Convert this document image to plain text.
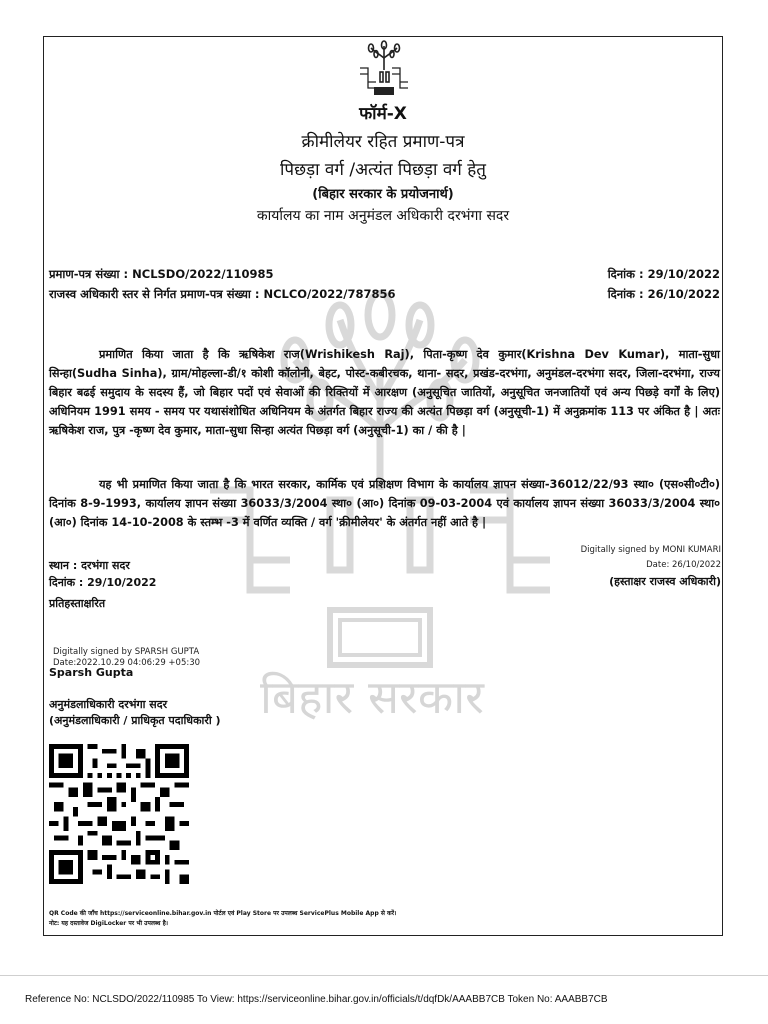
बिहार सरकार
फॉर्म-X
क्रीमीलेयर रहित प्रमाण-पत्र
पिछड़ा वर्ग /अत्यंत पिछड़ा वर्ग हेतु
(बिहार सरकार के प्रयोजनार्थ)
कार्यालय का नाम अनुमंडल अधिकारी दरभंगा सदर
प्रमाण-पत्र संख्या : NCLSDO/2022/110985	दिनांक : 29/10/2022
राजस्व अधिकारी स्तर से निर्गत प्रमाण-पत्र संख्या : NCLCO/2022/787856	दिनांक : 26/10/2022
प्रमाणित किया जाता है कि ऋषिकेश राज(Wrishikesh Raj), पिता-कृष्ण देव कुमार(Krishna Dev Kumar), माता-सुधा सिन्हा(Sudha Sinha), ग्राम/मोहल्ला-डी/१ कोशी कॉलोनी, बेहट, पोस्ट-कबीरचक, थाना- सदर, प्रखंड-दरभंगा, अनुमंडल-दरभंगा सदर, जिला-दरभंगा, राज्य बिहार बढई समुदाय के सदस्य हैं, जो बिहार पदों एवं सेवाओं की रिक्तियों में आरक्षण (अनुसूचित जातियों, अनुसूचित जनजातियों एवं अन्य पिछड़े वर्गों के लिए) अधिनियम 1991 समय - समय पर यथासंशोधित अधिनियम के अंतर्गत बिहार राज्य की अत्यंत पिछड़ा वर्ग (अनुसूची-1) में अनुक्रमांक 113 पर अंकित है | अतः ऋषिकेश राज, पुत्र -कृष्ण देव कुमार, माता-सुधा सिन्हा अत्यंत पिछड़ा वर्ग (अनुसूची-1) का / की है |
यह भी प्रमाणित किया जाता है कि भारत सरकार, कार्मिक एवं प्रशिक्षण विभाग के कार्यालय ज्ञापन संख्या-36012/22/93 स्था० (एस०सी०टी०) दिनांक 8-9-1993, कार्यालय ज्ञापन संख्या 36033/3/2004 स्था० (आ०) दिनांक 09-03-2004 एवं कार्यालय ज्ञापन संख्या 36033/3/2004 स्था० (आ०) दिनांक 14-10-2008 के स्तम्भ -3 में वर्णित व्यक्ति / वर्ग 'क्रीमीलेयर' के अंतर्गत नहीं आते है |
Digitally signed by MONI KUMARI
Date: 26/10/2022
(हस्ताक्षर राजस्व अधिकारी)
स्थान : दरभंगा सदर
दिनांक : 29/10/2022
प्रतिहस्ताक्षरित
Digitally signed by SPARSH GUPTA
Date:2022.10.29 04:06:29 +05:30
Sparsh Gupta
अनुमंडलाधिकारी दरभंगा सदर
(अनुमंडलाधिकारी / प्राधिकृत पदाधिकारी )
QR Code की जाँच https://serviceonline.bihar.gov.in पोर्टल एवं Play Store पर उपलब्ध ServicePlus Mobile App से करें।
नोट: यह दस्तावेज DigiLocker पर भी उपलब्ध है।
Reference No: NCLSDO/2022/110985 To View: https://serviceonline.bihar.gov.in/officials/t/dqfDk/AAABB7CB Token No: AAABB7CB
